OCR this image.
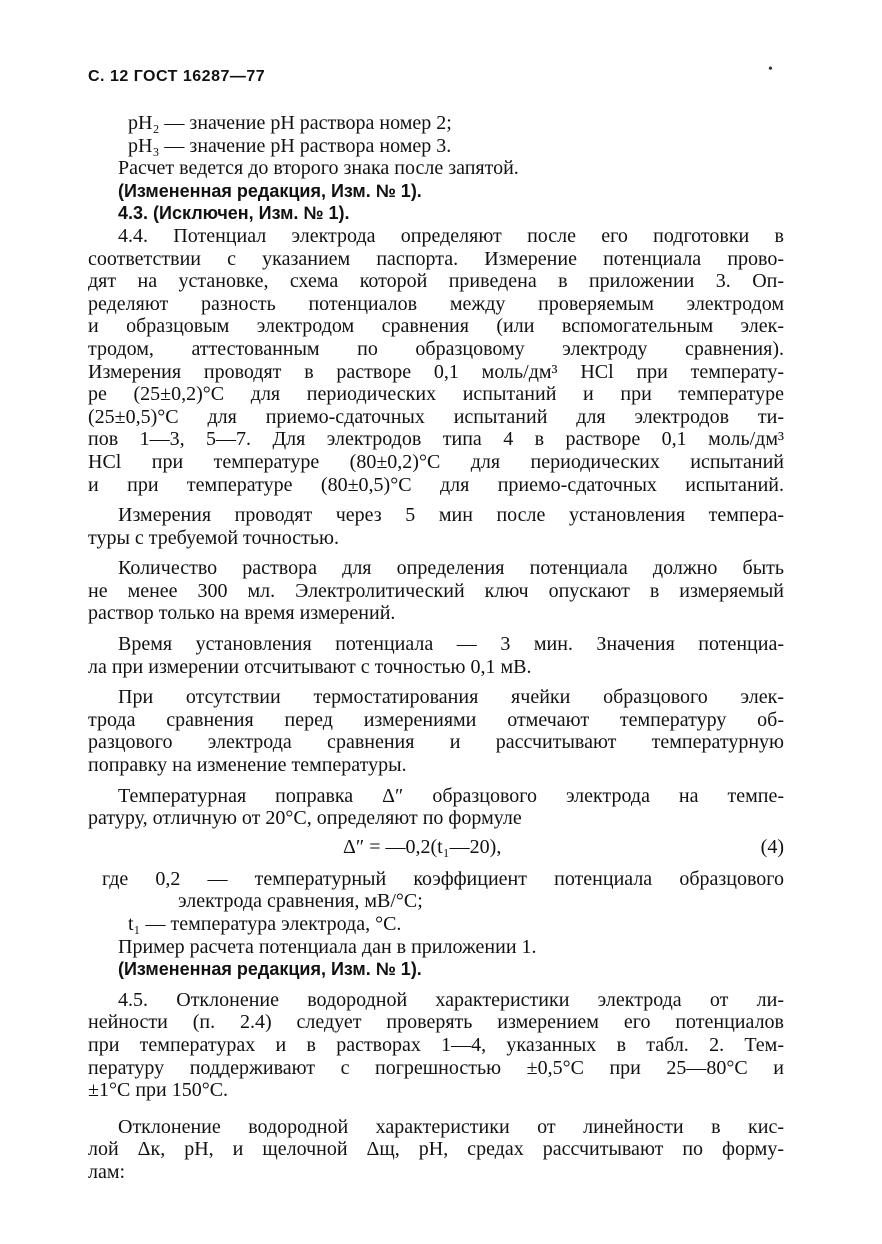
С. 12 ГОСТ 16287—77	•
pH₂ — значение pH раствора номер 2;
pH₃ — значение pH раствора номер 3.
Расчет ведется до второго знака после запятой.
(Измененная редакция, Изм. № 1).
4.3. (Исключен, Изм. № 1).
4.4. Потенциал электрода определяют после его подготовки в
соответствии с указанием паспорта. Измерение потенциала прово-
дят на установке, схема которой приведена в приложении 3. Оп-
ределяют разность потенциалов между проверяемым электродом
и образцовым электродом сравнения (или вспомогательным элек-
тродом, аттестованным по образцовому электроду сравнения).
Измерения проводят в растворе 0,1 моль/дм³ HCl при температу-
ре (25±0,2)°С для периодических испытаний и при температуре
(25±0,5)°С для приемо-сдаточных испытаний для электродов ти-
пов 1—3, 5—7. Для электродов типа 4 в растворе 0,1 моль/дм³
HCl при температуре (80±0,2)°С для периодических испытаний
и при температуре (80±0,5)°С для приемо-сдаточных испытаний.
Измерения проводят через 5 мин после установления темпера-
туры с требуемой точностью.
Количество раствора для определения потенциала должно быть
не менее 300 мл. Электролитический ключ опускают в измеряемый
раствор только на время измерений.
Время установления потенциала — 3 мин. Значения потенциа-
ла при измерении отсчитывают с точностью 0,1 мВ.
При отсутствии термостатирования ячейки образцового элек-
трода сравнения перед измерениями отмечают температуру об-
разцового электрода сравнения и рассчитывают температурную
поправку на изменение температуры.
Температурная поправка Δ″ образцового электрода на темпе-
ратуру, отличную от 20°С, определяют по формуле
Δ″ = —0,2(t₁—20),	(4)
где 0,2 — температурный коэффициент потенциала образцового
электрода сравнения, мВ/°С;
t₁ — температура электрода, °С.
Пример расчета потенциала дан в приложении 1.
(Измененная редакция, Изм. № 1).
4.5. Отклонение водородной характеристики электрода от ли-
нейности (п. 2.4) следует проверять измерением его потенциалов
при температурах и в растворах 1—4, указанных в табл. 2. Тем-
пературу поддерживают с погрешностью ±0,5°С при 25—80°С и
±1°С при 150°С.
Отклонение водородной характеристики от линейности в кис-
лой Δк, pH, и щелочной Δщ, pH, средах рассчитывают по форму-
лам:
